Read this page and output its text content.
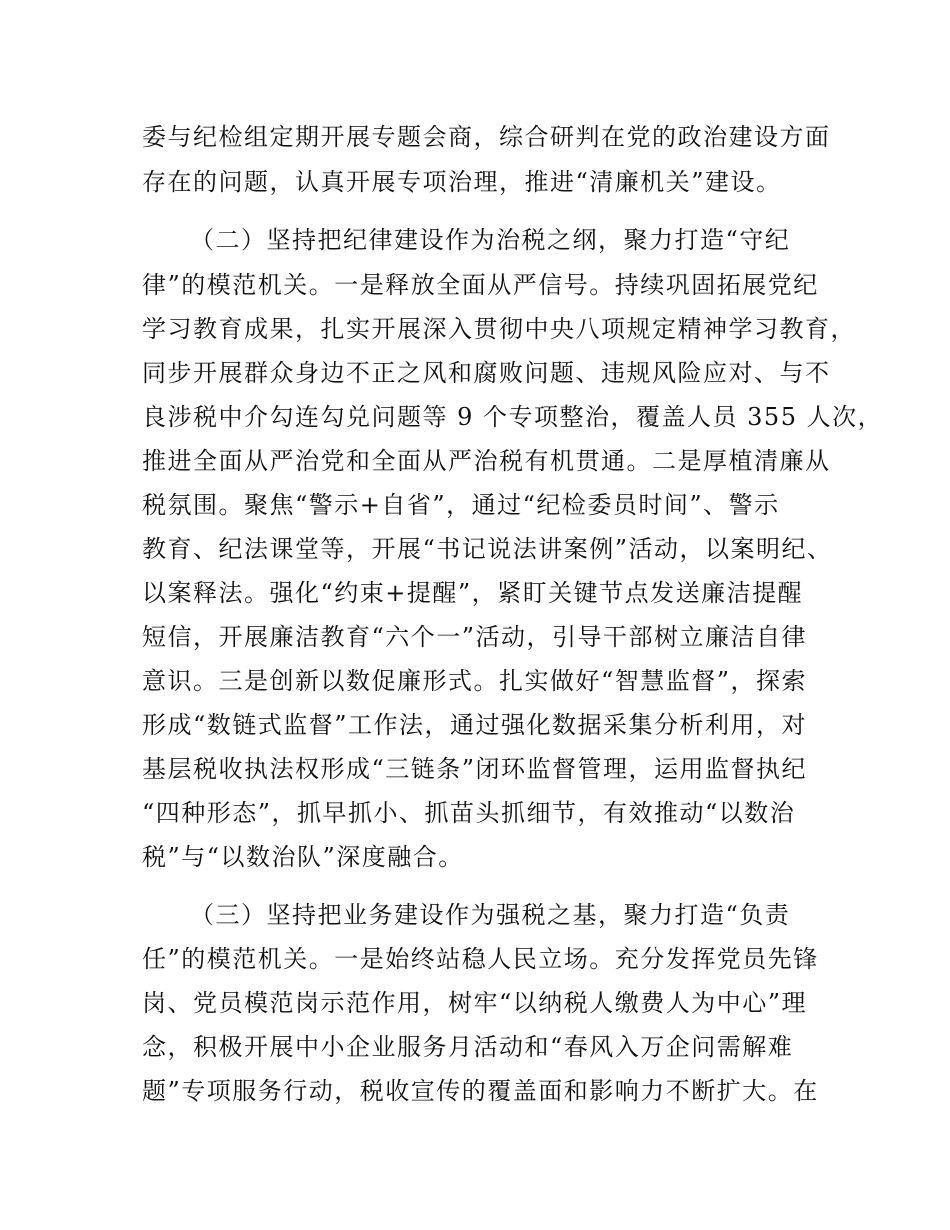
委与纪检组定期开展专题会商，综合研判在党的政治建设方面
存在的问题，认真开展专项治理，推进“清廉机关”建设。
（二）坚持把纪律建设作为治税之纲，聚力打造“守纪
律”的模范机关。一是释放全面从严信号。持续巩固拓展党纪
学习教育成果，扎实开展深入贯彻中央八项规定精神学习教育，
同步开展群众身边不正之风和腐败问题、违规风险应对、与不
良涉税中介勾连勾兑问题等 9 个专项整治，覆盖人员 355 人次，
推进全面从严治党和全面从严治税有机贯通。二是厚植清廉从
税氛围。聚焦“警示+自省”，通过“纪检委员时间”、警示
教育、纪法课堂等，开展“书记说法讲案例”活动，以案明纪、
以案释法。强化“约束+提醒”，紧盯关键节点发送廉洁提醒
短信，开展廉洁教育“六个一”活动，引导干部树立廉洁自律
意识。三是创新以数促廉形式。扎实做好“智慧监督”，探索
形成“数链式监督”工作法，通过强化数据采集分析利用，对
基层税收执法权形成“三链条”闭环监督管理，运用监督执纪
“四种形态”，抓早抓小、抓苗头抓细节，有效推动“以数治
税”与“以数治队”深度融合。
（三）坚持把业务建设作为强税之基，聚力打造“负责
任”的模范机关。一是始终站稳人民立场。充分发挥党员先锋
岗、党员模范岗示范作用，树牢“以纳税人缴费人为中心”理
念，积极开展中小企业服务月活动和“春风入万企问需解难
题”专项服务行动，税收宣传的覆盖面和影响力不断扩大。在
